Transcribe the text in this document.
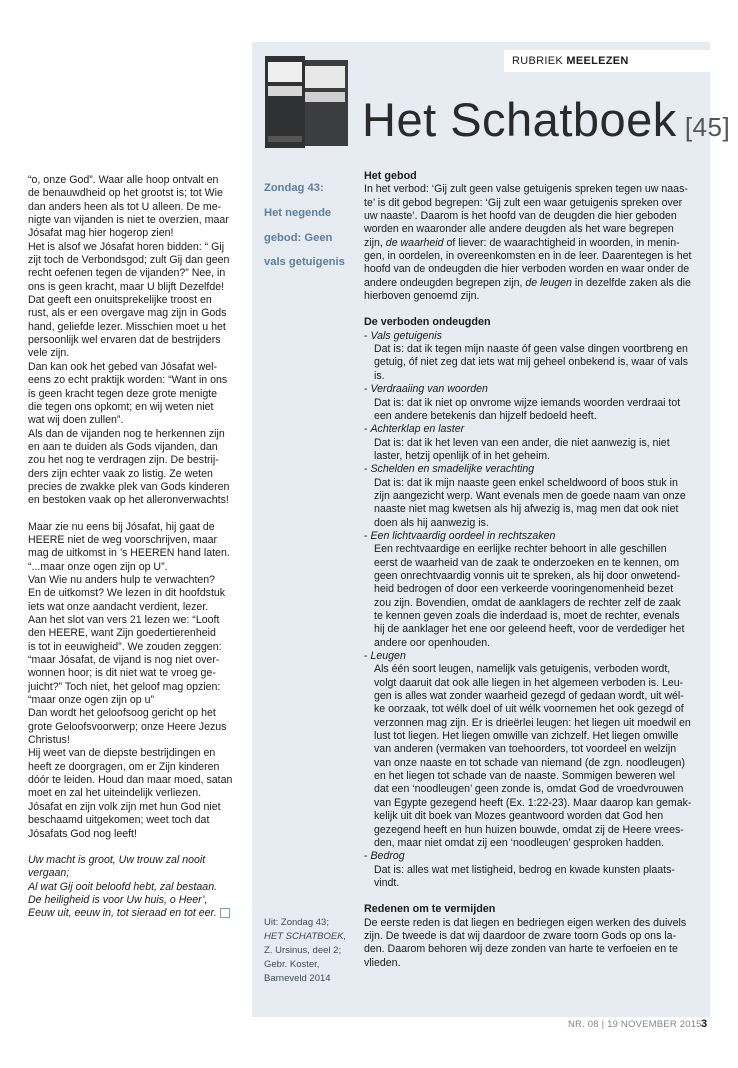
RUBRIEK MEELEZEN
Het Schatboek [45]

“o, onze God”. Waar alle hoop ontvalt en

de benauwdheid op het grootst is; tot Wie

dan anders heen als tot U alleen. De me-

nigte van vijanden is niet te overzien, maar

Jósafat mag hier hogerop zien!

Het is alsof we Jósafat horen bidden: “ Gij

zijt toch de Verbondsgod; zult Gij dan geen

recht oefenen tegen de vijanden?” Nee, in

ons is geen kracht, maar U blijft Dezelfde!

Dat geeft een onuitsprekelijke troost en

rust, als er een overgave mag zijn in Gods

hand, geliefde lezer. Misschien moet u het

persoonlijk wel ervaren dat de bestrijders

vele zijn.

Dan kan ook het gebed van Jósafat wel-

eens zo echt praktijk worden: “Want in ons

is geen kracht tegen deze grote menigte

die tegen ons opkomt; en wij weten niet

wat wij doen zullen”.

Als dan de vijanden nog te herkennen zijn

en aan te duiden als Gods vijanden, dan

zou het nog te verdragen zijn. De bestrij-

ders zijn echter vaak zo listig. Ze weten

precies de zwakke plek van Gods kinderen

en bestoken vaak op het alleronverwachts!

Maar zie nu eens bij Jósafat, hij gaat de

HEERE niet de weg voorschrijven, maar

mag de uitkomst in ’s HEEREN hand laten.

“...maar onze ogen zijn op U”.

Van Wie nu anders hulp te verwachten?

En de uitkomst? We lezen in dit hoofdstuk

iets wat onze aandacht verdient, lezer.

Aan het slot van vers 21 lezen we: “Looft

den HEERE, want Zijn goedertierenheid

is tot in eeuwigheid”. We zouden zeggen:

“maar Jósafat, de vijand is nog niet over-

wonnen hoor; is dit niet wat te vroeg ge-

juicht?” Toch niet, het geloof mag opzien:

“maar onze ogen zijn op u”

Dan wordt het geloofsoog gericht op het

grote Geloofsvoorwerp; onze Heere Jezus

Christus!

Hij weet van de diepste bestrijdingen en

heeft ze doorgragen, om er Zijn kinderen

dóór te leiden. Houd dan maar moed, satan

moet en zal het uiteindelijk verliezen.

Jósafat en zijn volk zijn met hun God niet

beschaamd uitgekomen; weet toch dat

Jósafats God nog leeft!

Uw macht is groot, Uw trouw zal nooit

vergaan;

Al wat Gij ooit beloofd hebt, zal bestaan.

De heiligheid is voor Uw huis, o Heer’,

Eeuw uit, eeuw in, tot sieraad en tot eer.

Zondag 43:

Het negende

gebod: Geen

vals getuigenis

Uit: Zondag 43;
HET SCHATBOEK,
Z. Ursinus, deel 2;
Gebr. Koster,
Barneveld 2014
Het gebod

In het verbod: ‘Gij zult geen valse getuigenis spreken tegen uw naas-

te’ is dit gebod begrepen: ‘Gij zult een waar getuigenis spreken over

uw naaste’. Daarom is het hoofd van de deugden die hier geboden

worden en waaronder alle andere deugden als het ware begrepen

zijn, de waarheid of liever: de waarachtigheid in woorden, in menin-

gen, in oordelen, in overeenkomsten en in de leer. Daarentegen is het

hoofd van de ondeugden die hier verboden worden en waar onder de

andere ondeugden begrepen zijn, de leugen in dezelfde zaken als die

hierboven genoemd zijn.

De verboden ondeugden

- Vals getuigenis

Dat is: dat ik tegen mijn naaste óf geen valse dingen voortbreng en

getuig, óf niet zeg dat iets wat mij geheel onbekend is, waar of vals

is.

- Verdraaiing van woorden

Dat is: dat ik niet op onvrome wijze iemands woorden verdraai tot

een andere betekenis dan hijzelf bedoeld heeft.

- Achterklap en laster

Dat is: dat ik het leven van een ander, die niet aanwezig is, niet

laster, hetzij openlijk of in het geheim.

- Schelden en smadelijke verachting

Dat is: dat ik mijn naaste geen enkel scheldwoord of boos stuk in

zijn aangezicht werp. Want evenals men de goede naam van onze

naaste niet mag kwetsen als hij afwezig is, mag men dat ook niet

doen als hij aanwezig is.

- Een lichtvaardig oordeel in rechtszaken

Een rechtvaardige en eerlijke rechter behoort in alle geschillen

eerst de waarheid van de zaak te onderzoeken en te kennen, om

geen onrechtvaardig vonnis uit te spreken, als hij door onwetend-

heid bedrogen of door een verkeerde vooringenomenheid bezet

zou zijn. Bovendien, omdat de aanklagers de rechter zelf de zaak

te kennen geven zoals die inderdaad is, moet de rechter, evenals

hij de aanklager het ene oor geleend heeft, voor de verdediger het

andere oor openhouden.

- Leugen

Als één soort leugen, namelijk vals getuigenis, verboden wordt,

volgt daaruit dat ook alle liegen in het algemeen verboden is. Leu-

gen is alles wat zonder waarheid gezegd of gedaan wordt, uit wél-

ke oorzaak, tot wélk doel of uit wélk voornemen het ook gezegd of

verzonnen mag zijn. Er is drieërlei leugen: het liegen uit moedwil en

lust tot liegen. Het liegen omwille van zichzelf. Het liegen omwille

van anderen (vermaken van toehoorders, tot voordeel en welzijn

van onze naaste en tot schade van niemand (de zgn. noodleugen)

en het liegen tot schade van de naaste. Sommigen beweren wel

dat een ‘noodleugen’ geen zonde is, omdat God de vroedvrouwen

van Egypte gezegend heeft (Ex. 1:22-23). Maar daarop kan gemak-

kelijk uit dit boek van Mozes geantwoord worden dat God hen

gezegend heeft en hun huizen bouwde, omdat zij de Heere vrees-

den, maar niet omdat zij een ‘noodleugen’ gesproken hadden.

- Bedrog

Dat is: alles wat met listigheid, bedrog en kwade kunsten plaats-

vindt.

Redenen om te vermijden

De eerste reden is dat liegen en bedriegen eigen werken des duivels

zijn. De tweede is dat wij daardoor de zware toorn Gods op ons la-

den. Daarom behoren wij deze zonden van harte te verfoeien en te

vlieden.

NR. 08 | 19 NOVEMBER 2015 3
